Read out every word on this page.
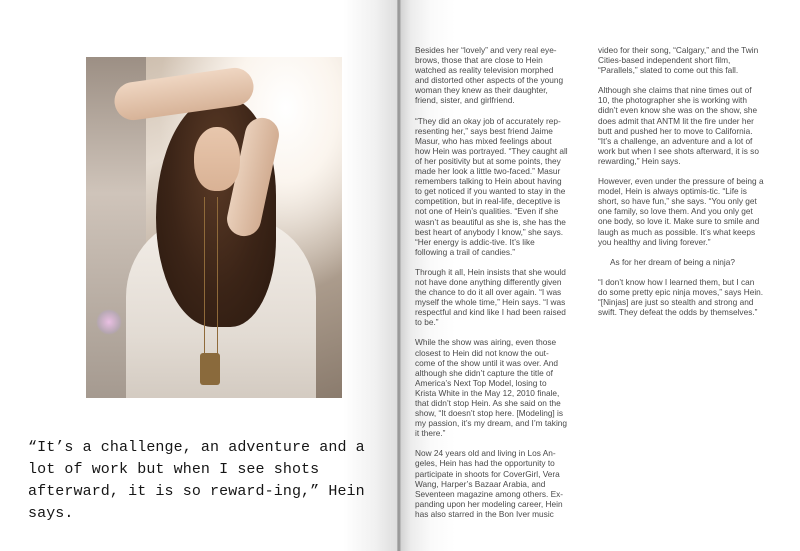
“It’s a challenge, an adventure and a lot of work but when I see shots afterward, it is so reward-ing,” Hein says.

Besides her “lovely” and very real eye-brows, those that are close to Hein watched as reality television morphed and distorted other aspects of the young woman they knew as their daughter, friend, sister, and girlfriend.

“They did an okay job of accurately rep-resenting her,” says best friend Jaime Masur, who has mixed feelings about how Hein was portrayed. “They caught all of her positivity but at some points, they made her look a little two-faced.” Masur remembers talking to Hein about having to get noticed if you wanted to stay in the competition, but in real-life, deceptive is not one of Hein’s qualities. “Even if she wasn’t as beautiful as she is, she has the best heart of anybody I know,” she says. “Her energy is addic-tive. It’s like following a trail of candies.”

Through it all, Hein insists that she would not have done anything differently given the chance to do it all over again. “I was myself the whole time,” Hein says. “I was respectful and kind like I had been raised to be.”

While the show was airing, even those closest to Hein did not know the out-come of the show until it was over. And although she didn’t capture the title of America’s Next Top Model, losing to Krista White in the May 12, 2010 finale, that didn’t stop Hein. As she said on the show, “It doesn’t stop here. [Modeling] is my passion, it’s my dream, and I’m taking it there.”

Now 24 years old and living in Los An-geles, Hein has had the opportunity to participate in shoots for CoverGirl, Vera Wang, Harper’s Bazaar Arabia, and Seventeen magazine among others. Ex-panding upon her modeling career, Hein has also starred in the Bon Iver music

video for their song, “Calgary,” and the Twin Cities-based independent short film, “Parallels,” slated to come out this fall.

Although she claims that nine times out of 10, the photographer she is working with didn’t even know she was on the show, she does admit that ANTM lit the fire under her butt and pushed her to move to California. “It’s a challenge, an adventure and a lot of work but when I see shots afterward, it is so rewarding,” Hein says.

However, even under the pressure of being a model, Hein is always optimis-tic. “Life is short, so have fun,” she says. “You only get one family, so love them. And you only get one body, so love it. Make sure to smile and laugh as much as possible. It’s what keeps you healthy and living forever.”

As for her dream of being a ninja?

“I don’t know how I learned them, but I can do some pretty epic ninja moves,” says Hein. “[Ninjas] are just so stealth and strong and swift. They defeat the odds by themselves.”
